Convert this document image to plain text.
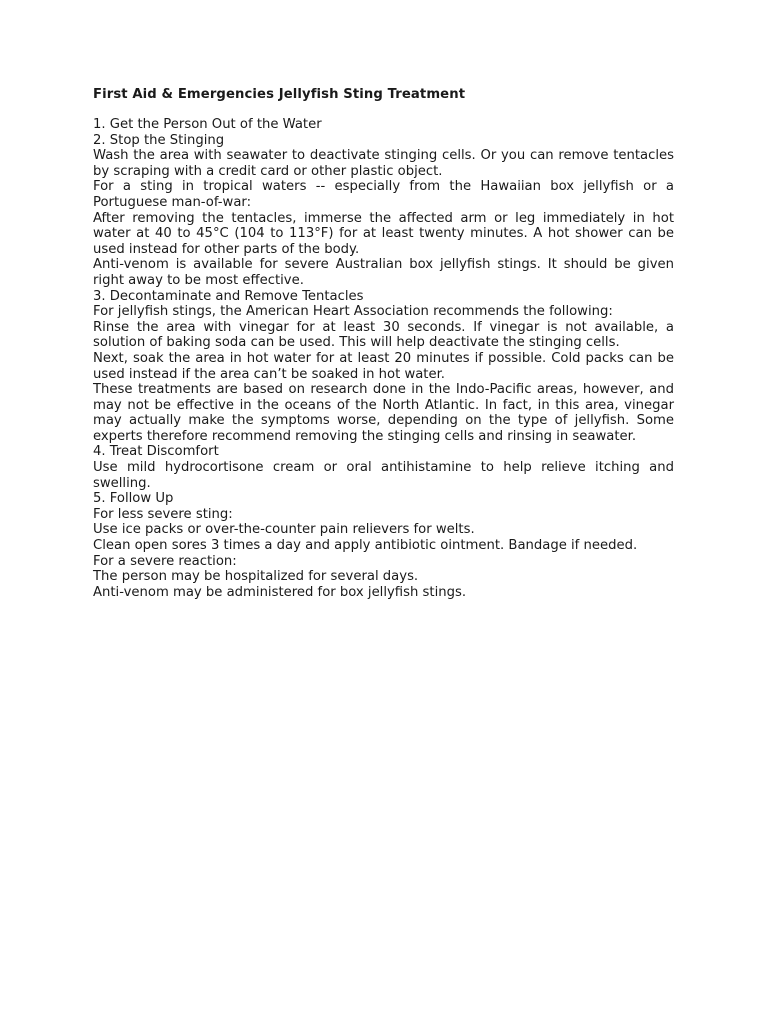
First Aid & Emergencies Jellyfish Sting Treatment

1. Get the Person Out of the Water

2. Stop the Stinging

Wash the area with seawater to deactivate stinging cells. Or you can remove tentacles by scraping with a credit card or other plastic object.

For a sting in tropical waters -- especially from the Hawaiian box jellyfish or a Portuguese man-of-war:

After removing the tentacles, immerse the affected arm or leg immediately in hot water at 40 to 45°C (104 to 113°F) for at least twenty minutes. A hot shower can be used instead for other parts of the body.

Anti-venom is available for severe Australian box jellyfish stings. It should be given right away to be most effective.

3. Decontaminate and Remove Tentacles

For jellyfish stings, the American Heart Association recommends the following:

Rinse the area with vinegar for at least 30 seconds. If vinegar is not available, a solution of baking soda can be used. This will help deactivate the stinging cells.

Next, soak the area in hot water for at least 20 minutes if possible. Cold packs can be used instead if the area can’t be soaked in hot water.

These treatments are based on research done in the Indo-Pacific areas, however, and may not be effective in the oceans of the North Atlantic. In fact, in this area, vinegar may actually make the symptoms worse, depending on the type of jellyfish. Some experts therefore recommend removing the stinging cells and rinsing in seawater.

4. Treat Discomfort

Use mild hydrocortisone cream or oral antihistamine to help relieve itching and swelling.

5. Follow Up

For less severe sting:

Use ice packs or over-the-counter pain relievers for welts.

Clean open sores 3 times a day and apply antibiotic ointment. Bandage if needed.

For a severe reaction:

The person may be hospitalized for several days.

Anti-venom may be administered for box jellyfish stings.
